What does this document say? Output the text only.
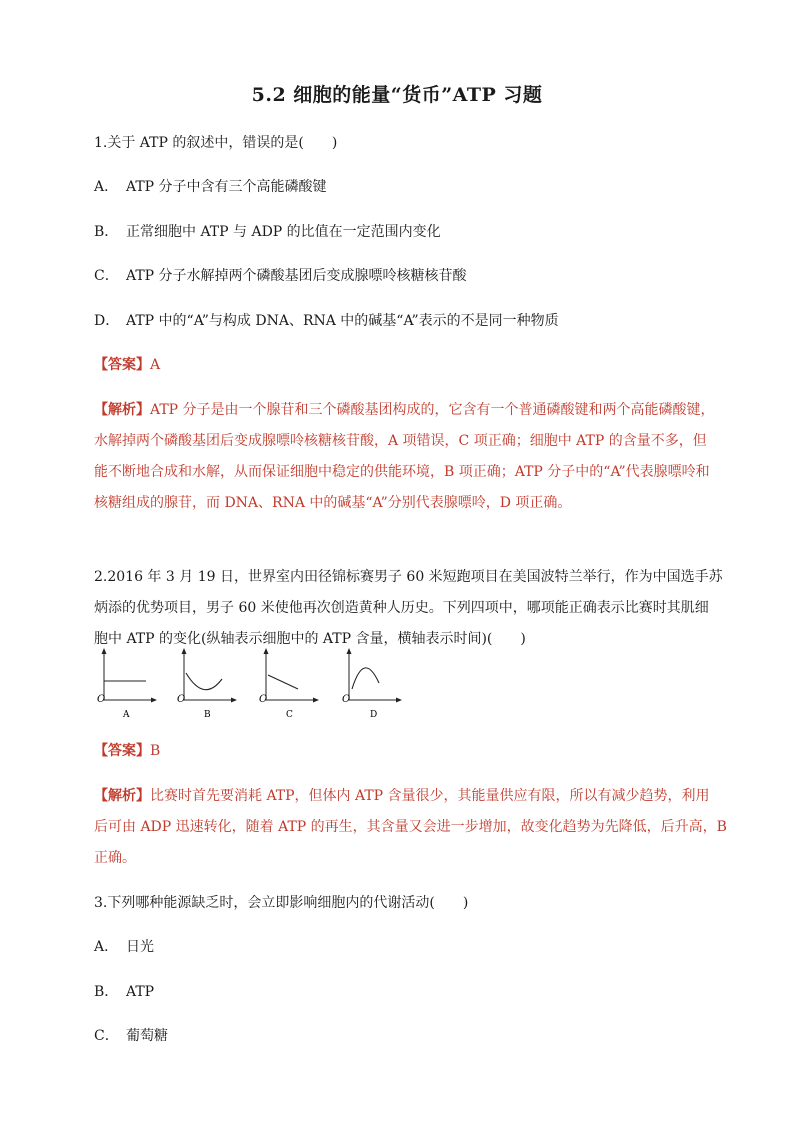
5.2 细胞的能量“货币”ATP 习题
1.关于 ATP 的叙述中，错误的是(　　)
A． ATP 分子中含有三个高能磷酸键
B． 正常细胞中 ATP 与 ADP 的比值在一定范围内变化
C． ATP 分子水解掉两个磷酸基团后变成腺嘌呤核糖核苷酸
D． ATP 中的“A”与构成 DNA、RNA 中的碱基“A”表示的不是同一种物质
【答案】A
【解析】ATP 分子是由一个腺苷和三个磷酸基团构成的，它含有一个普通磷酸键和两个高能磷酸键，
水解掉两个磷酸基团后变成腺嘌呤核糖核苷酸，A 项错误，C 项正确；细胞中 ATP 的含量不多，但
能不断地合成和水解，从而保证细胞中稳定的供能环境，B 项正确；ATP 分子中的“A”代表腺嘌呤和
核糖组成的腺苷，而 DNA、RNA 中的碱基“A”分别代表腺嘌呤，D 项正确。
2.2016 年 3 月 19 日，世界室内田径锦标赛男子 60 米短跑项目在美国波特兰举行，作为中国选手苏
炳添的优势项目，男子 60 米使他再次创造黄种人历史。下列四项中，哪项能正确表示比赛时其肌细
胞中 ATP 的变化(纵轴表示细胞中的 ATP 含量，横轴表示时间)(　　)
O
A
O
B
O
C
O
D
【答案】B
【解析】比赛时首先要消耗 ATP，但体内 ATP 含量很少，其能量供应有限，所以有减少趋势，利用
后可由 ADP 迅速转化，随着 ATP 的再生，其含量又会进一步增加，故变化趋势为先降低，后升高，B
正确。
3.下列哪种能源缺乏时，会立即影响细胞内的代谢活动(　　)
A． 日光
B． ATP
C． 葡萄糖
